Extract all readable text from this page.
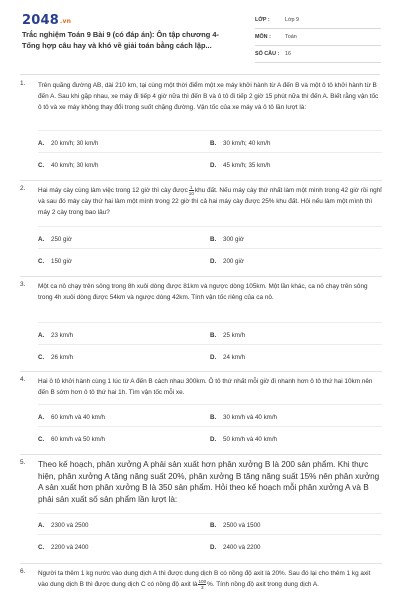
2048.vn
Trắc nghiệm Toán 9 Bài 9 (có đáp án): Ôn tập chương 4- Tổng hợp câu hay và khó về giải toán bằng cách lập...
LỚP :	Lớp 9
MÔN :	Toán
SỐ CÂU :	16
1.	Trên quãng đường AB, dài 210 km, tại cùng một thời điểm một xe máy khởi hành từ A đến B và một ô tô khởi hành từ B đến A. Sau khi gặp nhau, xe máy đi tiếp 4 giờ nữa thì đến B và ô tô đi tiếp 2 giờ 15 phút nữa thì đến A. Biết rằng vận tốc ô tô và xe máy không thay đổi trong suốt chặng đường. Vận tốc của xe máy và ô tô lần lượt là:
A.	20 km/h; 30 km/h	B.	30 km/h; 40 km/h
C.	40 km/h; 30 km/h	D.	45 km/h; 35 km/h
2.	Hai máy cày cùng làm việc trong 12 giờ thì cày được $\frac{1}{10}$ khu đất. Nếu máy cày thứ nhất làm một mình trong 42 giờ rồi nghỉ và sau đó máy cày thứ hai làm một mình trong 22 giờ thì cả hai máy cày được 25% khu đất. Hỏi nếu làm một mình thì máy 2 cày trong bao lâu?
A.	250 giờ	B.	300 giờ
C.	150 giờ	D.	200 giờ
3.	Một ca nô chạy trên sông trong 8h xuôi dòng được 81km và ngược dòng 105km. Một lần khác, ca nô chạy trên sông trong 4h xuôi dòng được 54km và ngược dòng 42km. Tính vận tốc riêng của ca nô.
A.	23 km/h	B.	25 km/h
C.	26 km/h	D.	24 km/h
4.	Hai ô tô khởi hành cùng 1 lúc từ A đến B cách nhau 300km. Ô tô thứ nhất mỗi giờ đi nhanh hơn ô tô thứ hai 10km nên đến B sớm hơn ô tô thứ hai 1h. Tìm vận tốc mỗi xe.
A.	60 km/h và 40 km/h	B.	30 km/h và 40 km/h
C.	60 km/h và 50 km/h	D.	50 km/h và 40 km/h
5.	Theo kế hoạch, phân xưởng A phải sản xuất hơn phân xưởng B là 200 sản phẩm. Khi thực hiện, phân xưởng A tăng năng suất 20%, phân xưởng B tăng năng suất 15% nên phân xưởng A sản xuất hơn phân xưởng B là 350 sản phẩm. Hỏi theo kế hoạch mỗi phân xưởng A và B phải sản xuất số sản phẩm lần lượt là:
A.	2300 và 2500	B.	2500 và 1500
C.	2200 và 2400	D.	2400 và 2200
6.	Người ta thêm 1 kg nước vào dung dịch A thì được dung dịch B có nồng độ axit là 20%. Sau đó lại cho thêm 1 kg axit vào dung dịch B thì được dung dịch C có nồng độ axit là $\frac{100}{3}$ %. Tính nồng độ axit trong dung dịch A.
